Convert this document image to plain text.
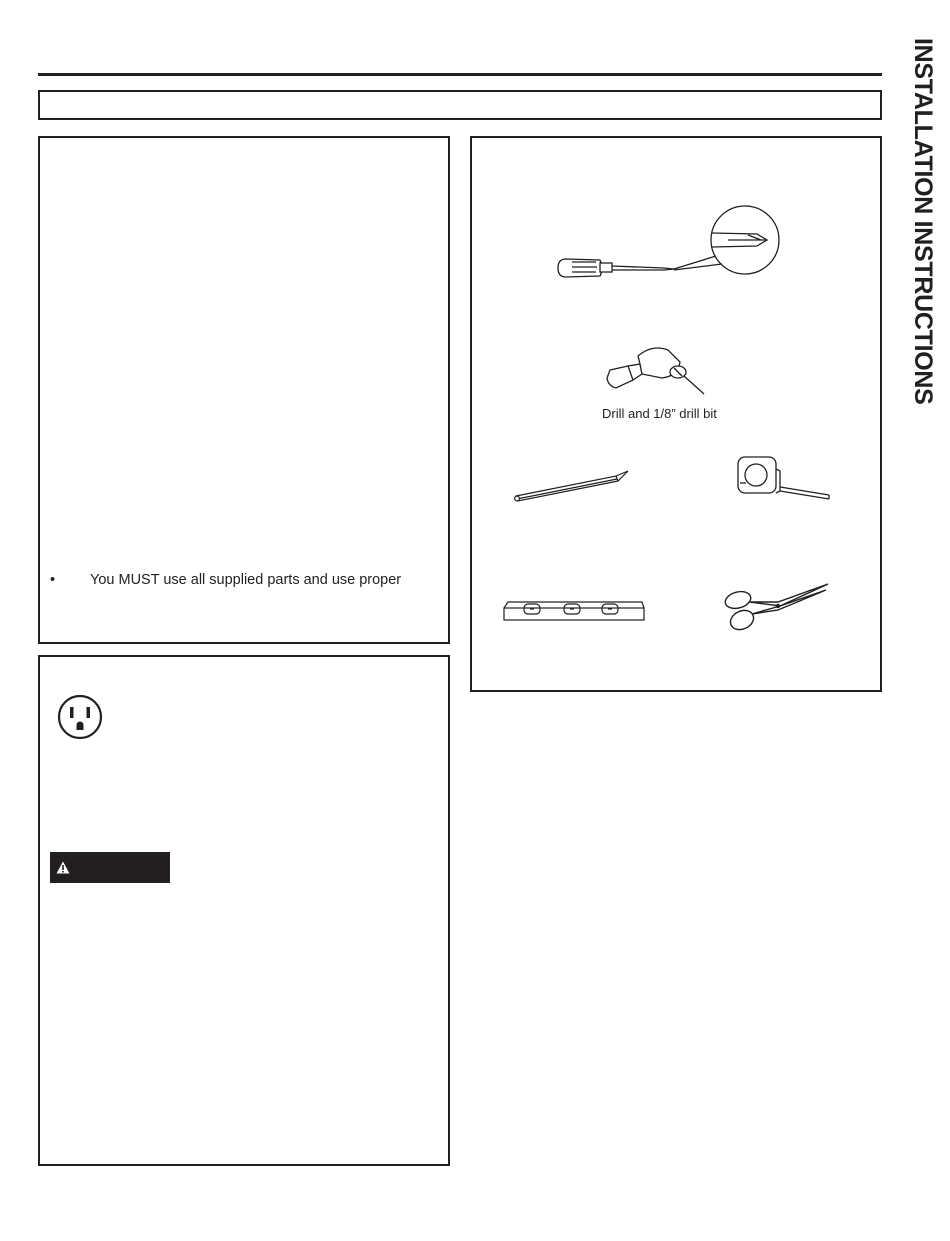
INSTALLATION INSTRUCTIONS
• You MUST use all supplied parts and use proper
Drill and 1/8” drill bit
